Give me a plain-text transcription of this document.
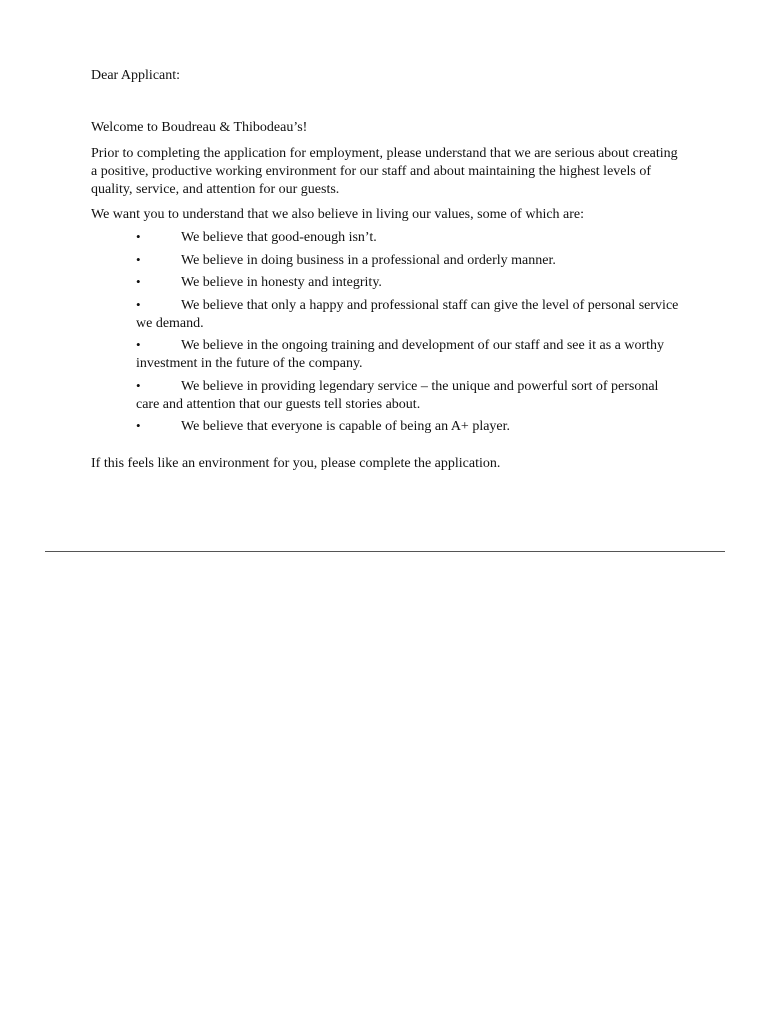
Dear Applicant:

Welcome to Boudreau & Thibodeau’s!

Prior to completing the application for employment, please understand that we are serious about creating a positive, productive working environment for our staff and about maintaining the highest levels of quality, service, and attention for our guests.

We want you to understand that we also believe in living our values, some of which are:

•	We believe that good-enough isn’t.
•	We believe in doing business in a professional and orderly manner.
•	We believe in honesty and integrity.
•	We believe that only a happy and professional staff can give the level of personal service we demand.
•	We believe in the ongoing training and development of our staff and see it as a worthy investment in the future of the company.
•	We believe in providing legendary service – the unique and powerful sort of personal care and attention that our guests tell stories about.
•	We believe that everyone is capable of being an A+ player.

If this feels like an environment for you, please complete the application.
